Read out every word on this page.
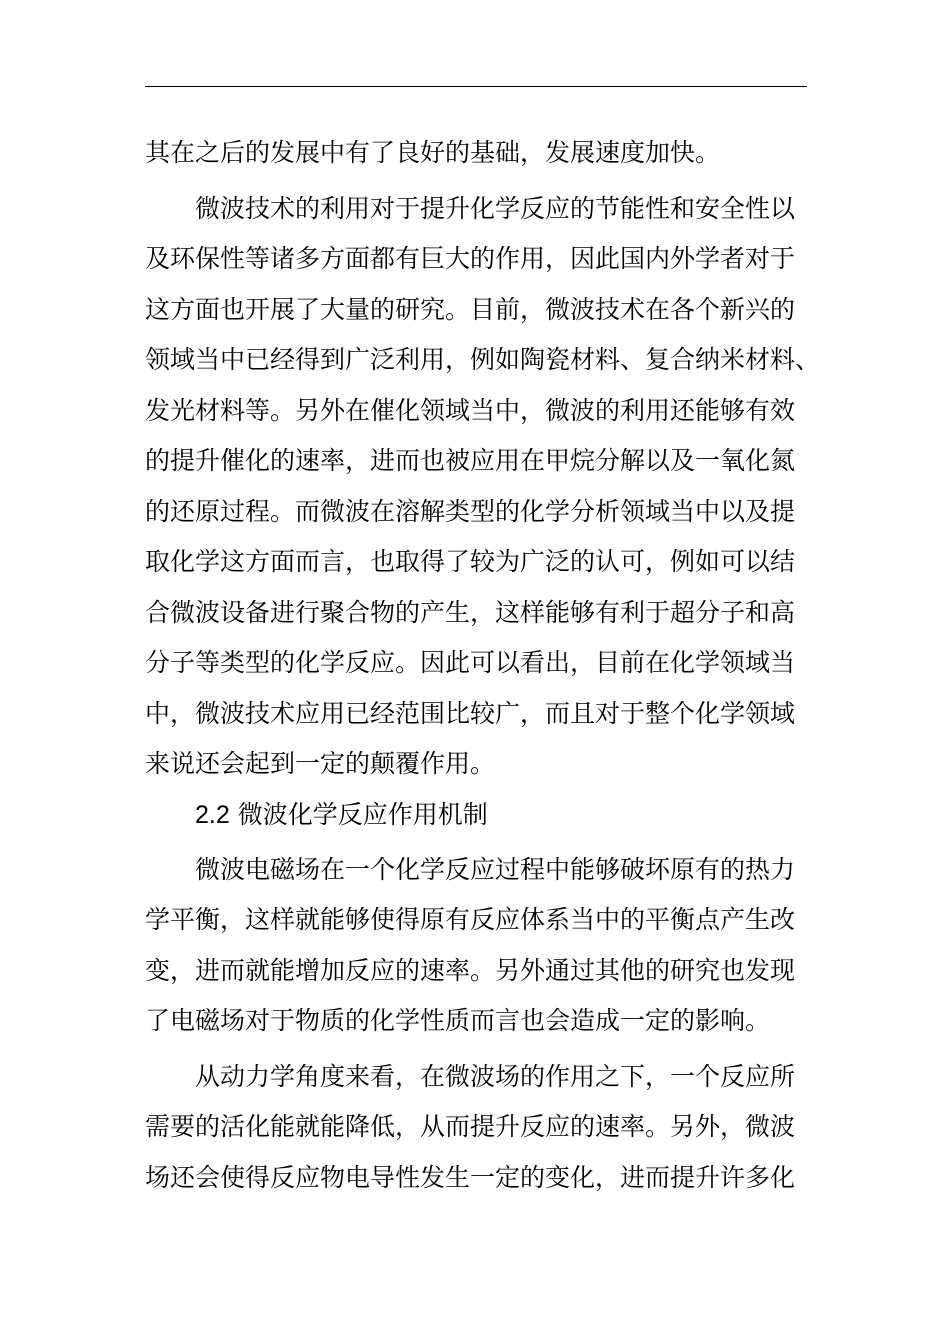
其在之后的发展中有了良好的基础，发展速度加快。
微波技术的利用对于提升化学反应的节能性和安全性以
及环保性等诸多方面都有巨大的作用，因此国内外学者对于
这方面也开展了大量的研究。目前，微波技术在各个新兴的
领域当中已经得到广泛利用，例如陶瓷材料、复合纳米材料、
发光材料等。另外在催化领域当中，微波的利用还能够有效
的提升催化的速率，进而也被应用在甲烷分解以及一氧化氮
的还原过程。而微波在溶解类型的化学分析领域当中以及提
取化学这方面而言，也取得了较为广泛的认可，例如可以结
合微波设备进行聚合物的产生，这样能够有利于超分子和高
分子等类型的化学反应。因此可以看出，目前在化学领域当
中，微波技术应用已经范围比较广，而且对于整个化学领域
来说还会起到一定的颠覆作用。
2.2 微波化学反应作用机制
微波电磁场在一个化学反应过程中能够破坏原有的热力
学平衡，这样就能够使得原有反应体系当中的平衡点产生改
变，进而就能增加反应的速率。另外通过其他的研究也发现
了电磁场对于物质的化学性质而言也会造成一定的影响。
从动力学角度来看，在微波场的作用之下，一个反应所
需要的活化能就能降低，从而提升反应的速率。另外，微波
场还会使得反应物电导性发生一定的变化，进而提升许多化
